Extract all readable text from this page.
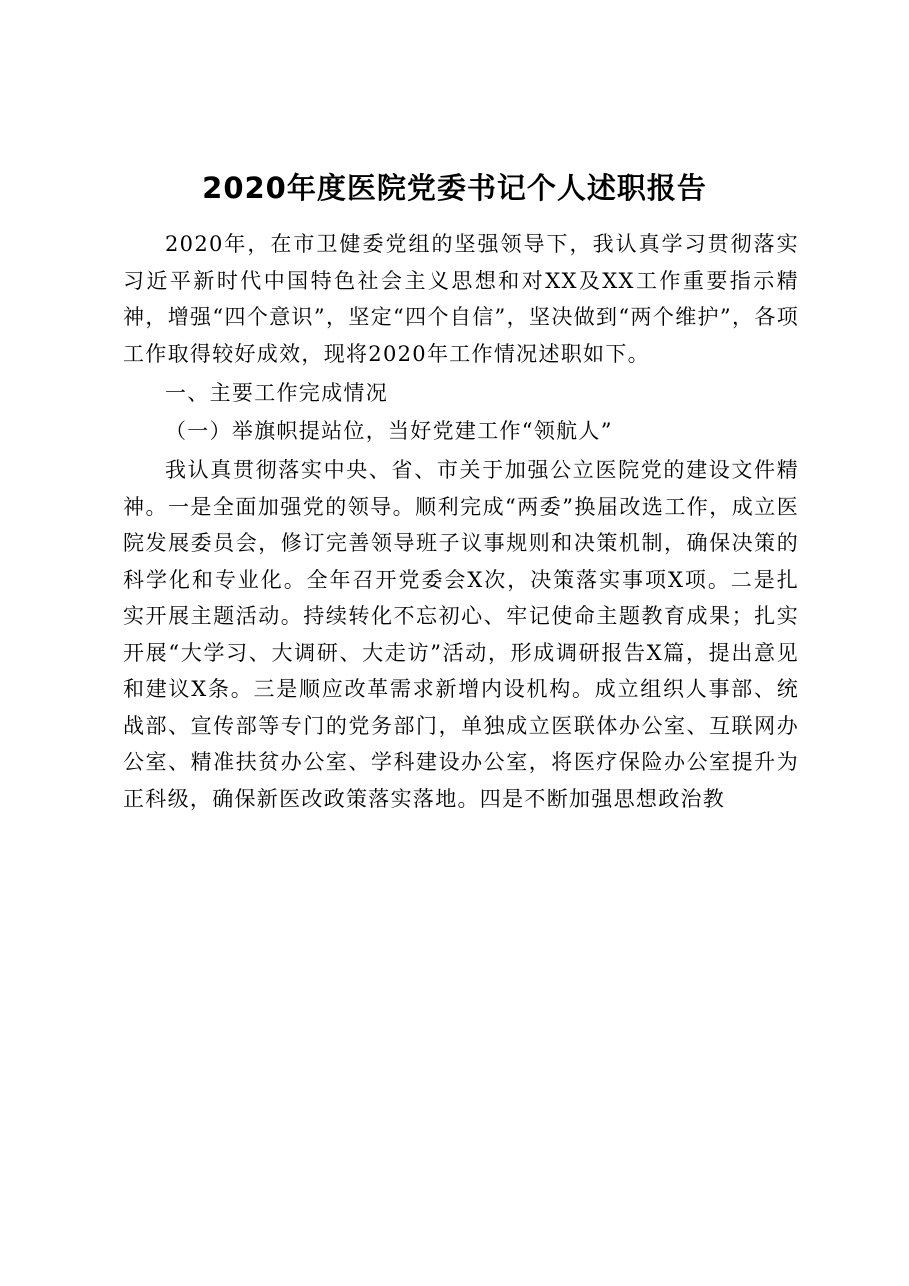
2020年度医院党委书记个人述职报告

2020年，在市卫健委党组的坚强领导下，我认真学习贯彻落实习近平新时代中国特色社会主义思想和对XX及XX工作重要指示精神，增强“四个意识”，坚定“四个自信”，坚决做到“两个维护”，各项工作取得较好成效，现将2020年工作情况述职如下。

一、主要工作完成情况

（一）举旗帜提站位，当好党建工作“领航人”

我认真贯彻落实中央、省、市关于加强公立医院党的建设文件精神。一是全面加强党的领导。顺利完成“两委”换届改选工作，成立医院发展委员会，修订完善领导班子议事规则和决策机制，确保决策的科学化和专业化。全年召开党委会X次，决策落实事项X项。二是扎实开展主题活动。持续转化不忘初心、牢记使命主题教育成果；扎实开展“大学习、大调研、大走访”活动，形成调研报告X篇，提出意见和建议X条。三是顺应改革需求新增内设机构。成立组织人事部、统战部、宣传部等专门的党务部门，单独成立医联体办公室、互联网办公室、精准扶贫办公室、学科建设办公室，将医疗保险办公室提升为正科级，确保新医改政策落实落地。四是不断加强思想政治教
